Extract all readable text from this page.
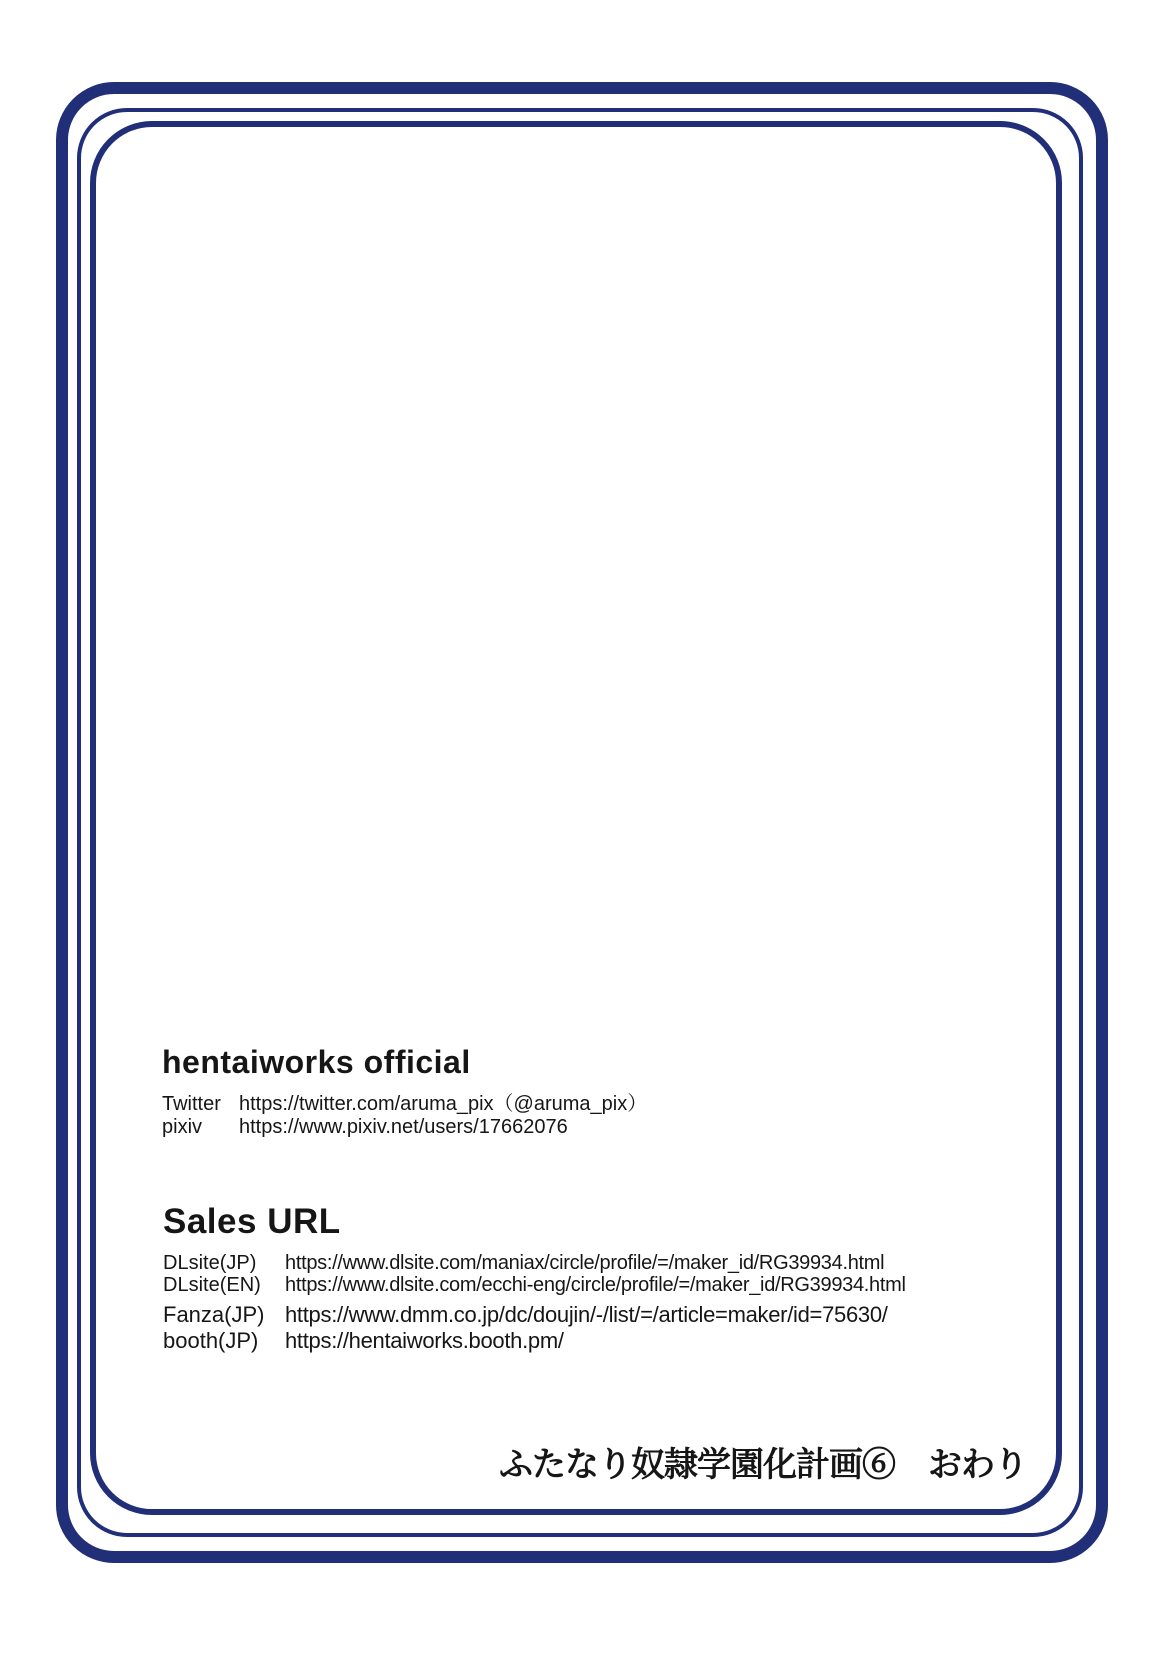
hentaiworks official
Twitter https://twitter.com/aruma_pix（@aruma_pix）
pixiv	https://www.pixiv.net/users/17662076
Sales URL
DLsite(JP)	https://www.dlsite.com/maniax/circle/profile/=/maker_id/RG39934.html
DLsite(EN)	https://www.dlsite.com/ecchi-eng/circle/profile/=/maker_id/RG39934.html
Fanza(JP) https://www.dmm.co.jp/dc/doujin/-/list/=/article=maker/id=75630/
booth(JP)	https://hentaiworks.booth.pm/
ふたなり奴隷学園化計画⑥　おわり
